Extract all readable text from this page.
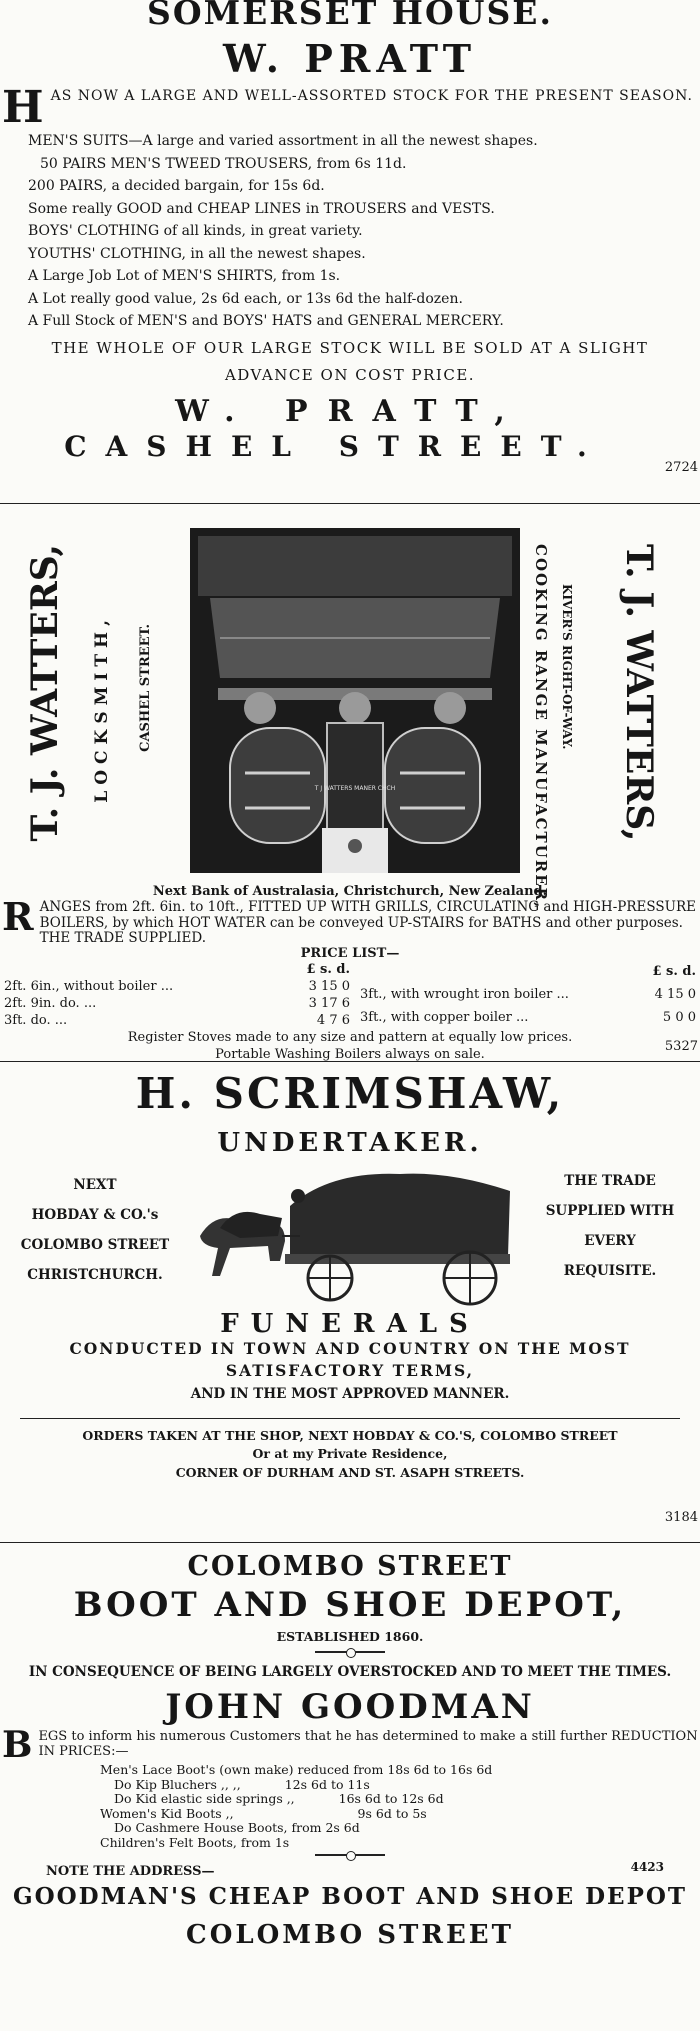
SOMERSET HOUSE.
W. PRATT
H AS NOW A LARGE AND WELL-ASSORTED STOCK FOR THE PRESENT SEASON.
MEN'S SUITS—A large and varied assortment in all the newest shapes.
50 PAIRS MEN'S TWEED TROUSERS, from 6s 11d.
200 PAIRS, a decided bargain, for 15s 6d.
Some really GOOD and CHEAP LINES in TROUSERS and VESTS.
BOYS' CLOTHING of all kinds, in great variety.
YOUTHS' CLOTHING, in all the newest shapes.
A Large Job Lot of MEN'S SHIRTS, from 1s.
A Lot really good value, 2s 6d each, or 13s 6d the half-dozen.
A Full Stock of MEN'S and BOYS' HATS and GENERAL MERCERY.
THE WHOLE OF OUR LARGE STOCK WILL BE SOLD AT A SLIGHT ADVANCE ON COST PRICE.
W. PRATT,
CASHEL STREET.
2724
T. J. WATTERS, LOCKSMITH, CASHEL STREET.
T J WATTERS MANER CHCH	COOKING RANGE MANUFACTURER, KIVER'S RIGHT-OF-WAY. T. J. WATTERS,
Next Bank of Australasia, Christchurch, New Zealand.
R ANGES from 2ft. 6in. to 10ft., FITTED UP WITH GRILLS, CIRCULATING and HIGH-PRESSURE BOILERS, by which HOT WATER can be conveyed UP-STAIRS for BATHS and other purposes. THE TRADE SUPPLIED.
PRICE LIST—
	£ s. d.
2ft. 6in., without boiler ...	3 15 0
2ft. 9in. do. ...	3 17 6
3ft. do. ...	4 7 6
	£ s. d.
3ft., with wrought iron boiler ...	4 15 0
3ft., with copper boiler ...	5 0 0
Register Stoves made to any size and pattern at equally low prices.
Portable Washing Boilers always on sale.	5327
H. SCRIMSHAW,
UNDERTAKER.
NEXT
HOBDAY & CO.'s
COLOMBO STREET
CHRISTCHURCH.
THE TRADE
SUPPLIED WITH
EVERY
REQUISITE.
FUNERALS
CONDUCTED IN TOWN AND COUNTRY ON THE MOST SATISFACTORY TERMS,
AND IN THE MOST APPROVED MANNER.
ORDERS TAKEN AT THE SHOP, NEXT HOBDAY & CO.'S, COLOMBO STREET
Or at my Private Residence,
CORNER OF DURHAM AND ST. ASAPH STREETS.
3184
COLOMBO STREET
BOOT AND SHOE DEPOT,
ESTABLISHED 1860.
IN CONSEQUENCE OF BEING LARGELY OVERSTOCKED AND TO MEET THE TIMES.
JOHN GOODMAN
B EGS to inform his numerous Customers that he has determined to make a still further REDUCTION IN PRICES:—
Men's Lace Boot's (own make) reduced from 18s 6d to 16s 6d
Do Kip Bluchers ,, ,,	12s 6d to 11s
Do Kid elastic side springs ,,	16s 6d to 12s 6d
Women's Kid Boots ,,	9s 6d to 5s
Do Cashmere House Boots, from 2s 6d
Children's Felt Boots, from 1s
NOTE THE ADDRESS—	4423
GOODMAN'S CHEAP BOOT AND SHOE DEPOT
COLOMBO STREET
